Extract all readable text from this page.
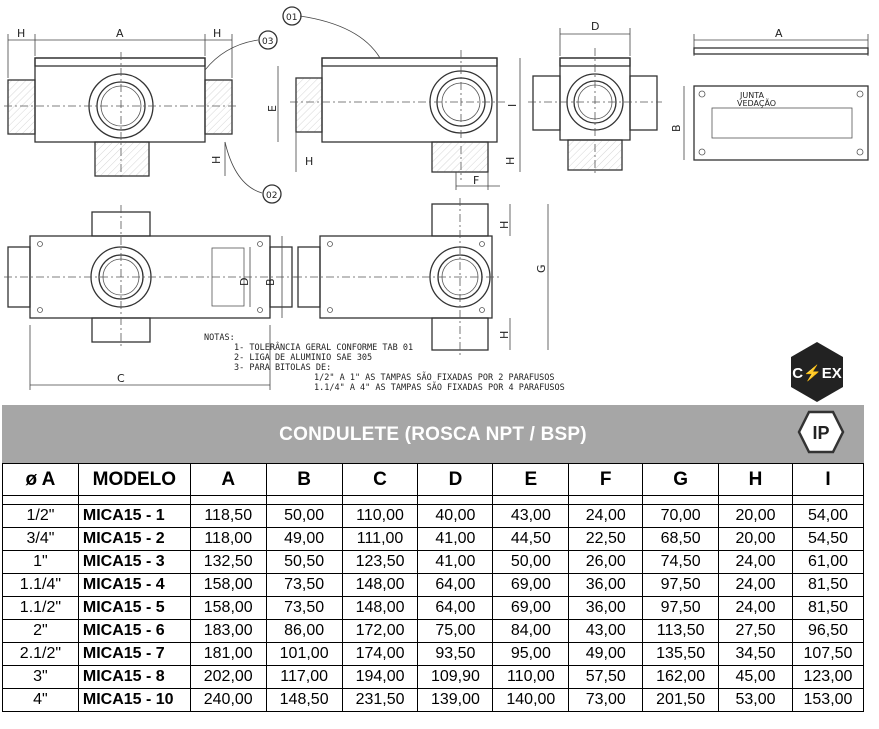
H	A	H
H
03
02
01
E
H
I
H
F
D
A
B
JUNTA
VEDAÇÃO
C
D B
H
G
H
NOTAS:
1- TOLERÂNCIA GERAL CONFORME TAB 01
2- LIGA DE ALUMINIO SAE 305
3- PARA BITOLAS DE:
1/2" A 1" AS TAMPAS SÃO FIXADAS POR 2 PARAFUSOS
1.1/4" A 4" AS TAMPAS SÃO FIXADAS POR 4 PARAFUSOS
C⚡EX
CONDULETE (ROSCA NPT / BSP)	IP
ø A	MODELO	A	B	C	D	E	F	G	H	I

1/2"	MICA15 - 1	118,50	50,00	110,00	40,00	43,00	24,00	70,00	20,00	54,00
3/4"	MICA15 - 2	118,00	49,00	111,00	41,00	44,50	22,50	68,50	20,00	54,50
1"	MICA15 - 3	132,50	50,50	123,50	41,00	50,00	26,00	74,50	24,00	61,00
1.1/4"	MICA15 - 4	158,00	73,50	148,00	64,00	69,00	36,00	97,50	24,00	81,50
1.1/2"	MICA15 - 5	158,00	73,50	148,00	64,00	69,00	36,00	97,50	24,00	81,50
2"	MICA15 - 6	183,00	86,00	172,00	75,00	84,00	43,00	113,50	27,50	96,50
2.1/2"	MICA15 - 7	181,00	101,00	174,00	93,50	95,00	49,00	135,50	34,50	107,50
3"	MICA15 - 8	202,00	117,00	194,00	109,90	110,00	57,50	162,00	45,00	123,00
4"	MICA15 - 10	240,00	148,50	231,50	139,00	140,00	73,00	201,50	53,00	153,00
